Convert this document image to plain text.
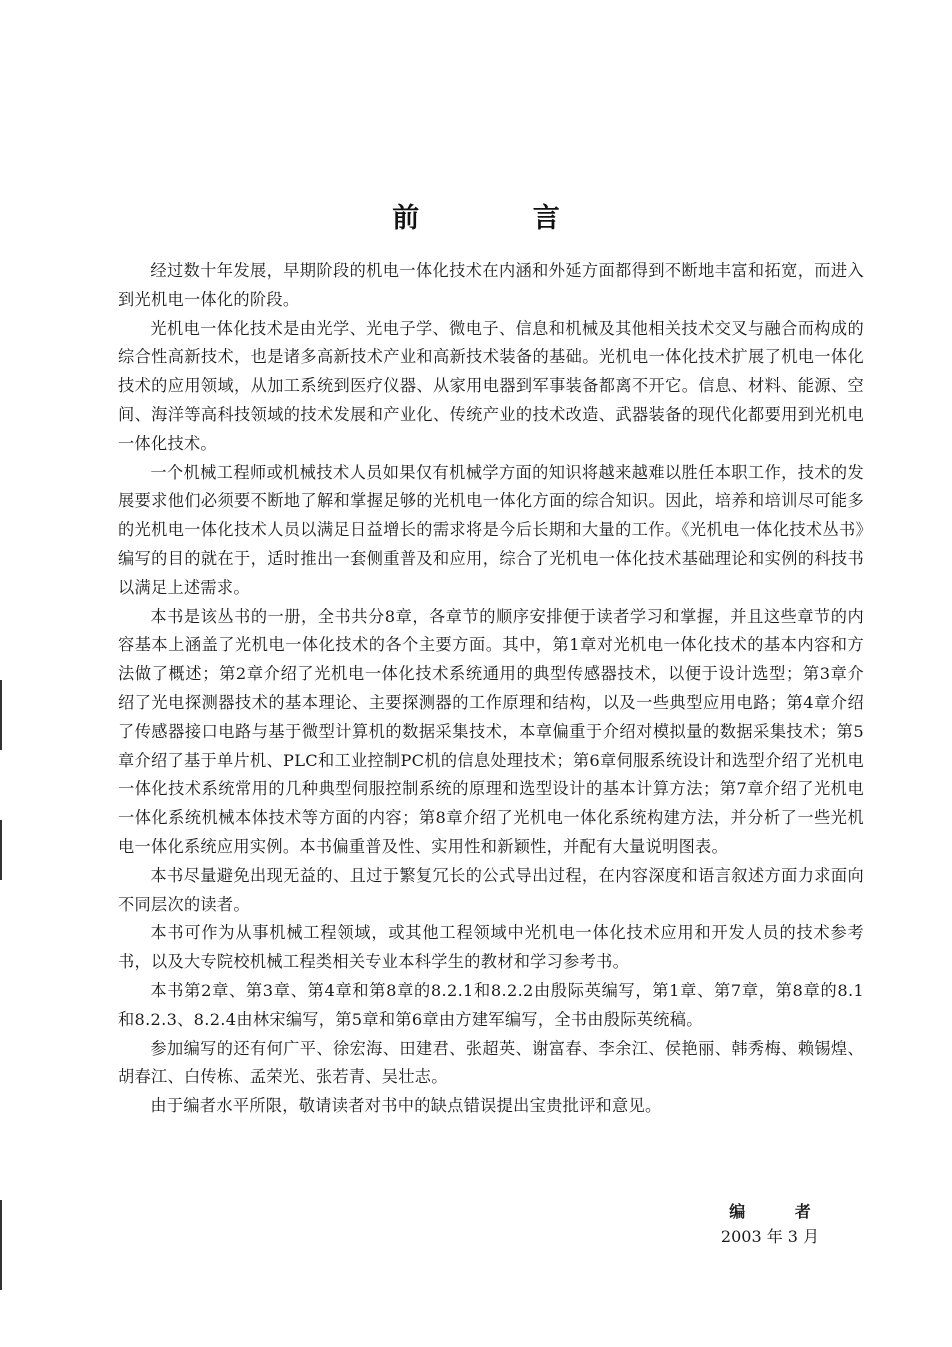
前 言

经过数十年发展，早期阶段的机电一体化技术在内涵和外延方面都得到不断地丰富和拓宽，而进入到光机电一体化的阶段。

光机电一体化技术是由光学、光电子学、微电子、信息和机械及其他相关技术交叉与融合而构成的综合性高新技术，也是诸多高新技术产业和高新技术装备的基础。光机电一体化技术扩展了机电一体化技术的应用领域，从加工系统到医疗仪器、从家用电器到军事装备都离不开它。信息、材料、能源、空间、海洋等高科技领域的技术发展和产业化、传统产业的技术改造、武器装备的现代化都要用到光机电一体化技术。

一个机械工程师或机械技术人员如果仅有机械学方面的知识将越来越难以胜任本职工作，技术的发展要求他们必须要不断地了解和掌握足够的光机电一体化方面的综合知识。因此，培养和培训尽可能多的光机电一体化技术人员以满足日益增长的需求将是今后长期和大量的工作。《光机电一体化技术丛书》编写的目的就在于，适时推出一套侧重普及和应用，综合了光机电一体化技术基础理论和实例的科技书以满足上述需求。

本书是该丛书的一册，全书共分8章，各章节的顺序安排便于读者学习和掌握，并且这些章节的内容基本上涵盖了光机电一体化技术的各个主要方面。其中，第1章对光机电一体化技术的基本内容和方法做了概述；第2章介绍了光机电一体化技术系统通用的典型传感器技术，以便于设计选型；第3章介绍了光电探测器技术的基本理论、主要探测器的工作原理和结构，以及一些典型应用电路；第4章介绍了传感器接口电路与基于微型计算机的数据采集技术，本章偏重于介绍对模拟量的数据采集技术；第5章介绍了基于单片机、PLC和工业控制PC机的信息处理技术；第6章伺服系统设计和选型介绍了光机电一体化技术系统常用的几种典型伺服控制系统的原理和选型设计的基本计算方法；第7章介绍了光机电一体化系统机械本体技术等方面的内容；第8章介绍了光机电一体化系统构建方法，并分析了一些光机电一体化系统应用实例。本书偏重普及性、实用性和新颖性，并配有大量说明图表。

本书尽量避免出现无益的、且过于繁复冗长的公式导出过程，在内容深度和语言叙述方面力求面向不同层次的读者。

本书可作为从事机械工程领域，或其他工程领域中光机电一体化技术应用和开发人员的技术参考书，以及大专院校机械工程类相关专业本科学生的教材和学习参考书。

本书第2章、第3章、第4章和第8章的8.2.1和8.2.2由殷际英编写，第1章、第7章，第8章的8.1和8.2.3、8.2.4由林宋编写，第5章和第6章由方建军编写，全书由殷际英统稿。

参加编写的还有何广平、徐宏海、田建君、张超英、谢富春、李余江、侯艳丽、韩秀梅、赖锡煌、胡春江、白传栋、孟荣光、张若青、吴壮志。

由于编者水平所限，敬请读者对书中的缺点错误提出宝贵批评和意见。

编 者
2003 年 3 月
